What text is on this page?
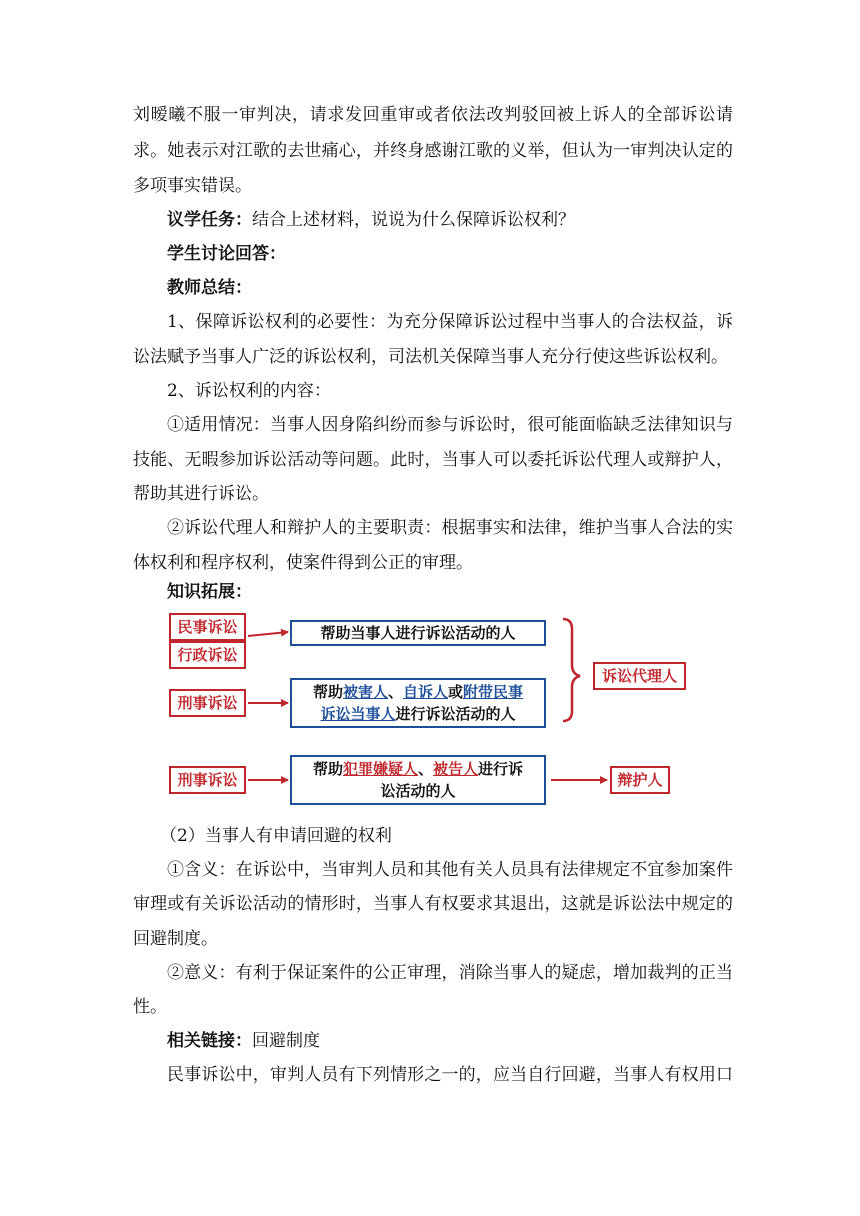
刘暧曦不服一审判决，请求发回重审或者依法改判驳回被上诉人的全部诉讼请
求。她表示对江歌的去世痛心，并终身感谢江歌的义举，但认为一审判决认定的
多项事实错误。
议学任务：结合上述材料，说说为什么保障诉讼权利？
学生讨论回答：
教师总结：
1、保障诉讼权利的必要性：为充分保障诉讼过程中当事人的合法权益，诉
讼法赋予当事人广泛的诉讼权利，司法机关保障当事人充分行使这些诉讼权利。
2、诉讼权利的内容：
①适用情况：当事人因身陷纠纷而参与诉讼时，很可能面临缺乏法律知识与
技能、无暇参加诉讼活动等问题。此时，当事人可以委托诉讼代理人或辩护人，
帮助其进行诉讼。
②诉讼代理人和辩护人的主要职责：根据事实和法律，维护当事人合法的实
体权利和程序权利，使案件得到公正的审理。
知识拓展：
民事诉讼
行政诉讼
刑事诉讼
刑事诉讼
帮助当事人进行诉讼活动的人
帮助被害人、自诉人或附带民事
诉讼当事人进行诉讼活动的人
帮助犯罪嫌疑人、被告人进行诉
讼活动的人
诉讼代理人
辩护人
（2）当事人有申请回避的权利
①含义：在诉讼中，当审判人员和其他有关人员具有法律规定不宜参加案件
审理或有关诉讼活动的情形时，当事人有权要求其退出，这就是诉讼法中规定的
回避制度。
②意义：有利于保证案件的公正审理，消除当事人的疑虑，增加裁判的正当
性。
相关链接：回避制度
民事诉讼中，审判人员有下列情形之一的，应当自行回避，当事人有权用口
